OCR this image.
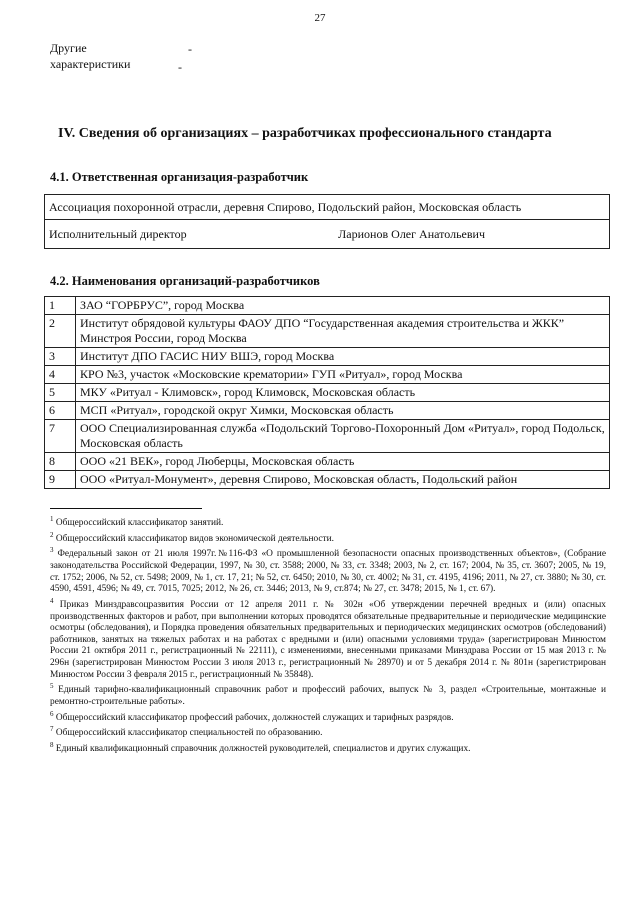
27
Другие
характеристики
-
-
IV. Сведения об организациях – разработчиках профессионального стандарта
4.1. Ответственная организация-разработчик
Ассоциация похоронной отрасли, деревня Спирово, Подольский район, Московская область

Исполнительный директор	Ларионов Олег Анатольевич
4.2. Наименования организаций-разработчиков
1	ЗАО “ГОРБРУС”, город Москва
2	Институт обрядовой культуры ФАОУ ДПО “Государственная академия строительства и ЖКК” Минстроя России, город Москва
3	Институт ДПО ГАСИС НИУ ВШЭ, город Москва
4	КРО №3, участок «Московские крематории» ГУП «Ритуал», город Москва
5	МКУ «Ритуал - Климовск», город Климовск, Московская область
6	МСП «Ритуал», городской округ Химки, Московская область
7	ООО Специализированная служба «Подольский Торгово-Похоронный Дом «Ритуал», город Подольск, Московская область
8	ООО «21 ВЕК», город Люберцы, Московская область
9	ООО «Ритуал-Монумент», деревня Спирово, Московская область, Подольский район

$^1$ Общероссийский классификатор занятий.

$^2$ Общероссийский классификатор видов экономической деятельности.

$^3$ Федеральный закон от 21 июля 1997г.№116-ФЗ «О промышленной безопасности опасных производственных объектов», (Собрание законодательства Российской Федерации, 1997, № 30, ст. 3588; 2000, № 33, ст. 3348; 2003, № 2, ст. 167; 2004, № 35, ст. 3607; 2005, № 19, ст. 1752; 2006, № 52, ст. 5498; 2009, № 1, ст. 17, 21; № 52, ст. 6450; 2010, № 30, ст. 4002; № 31, ст. 4195, 4196; 2011, № 27, ст. 3880; № 30, ст. 4590, 4591, 4596; № 49, ст. 7015, 7025; 2012, № 26, ст. 3446; 2013, № 9, ст.874; № 27, ст. 3478; 2015, № 1, ст. 67).

$^4$ Приказ Минздравсоцразвития России от 12 апреля 2011 г. № 302н «Об утверждении перечней вредных и (или) опасных производственных факторов и работ, при выполнении которых проводятся обязательные предварительные и периодические медицинские осмотры (обследования), и Порядка проведения обязательных предварительных и периодических медицинских осмотров (обследований) работников, занятых на тяжелых работах и на работах с вредными и (или) опасными условиями труда» (зарегистрирован Минюстом России 21 октября 2011 г., регистрационный № 22111), с изменениями, внесенными приказами Минздрава России от 15 мая 2013 г. № 296н (зарегистрирован Минюстом России 3 июля 2013 г., регистрационный № 28970) и от 5 декабря 2014 г. № 801н (зарегистрирован Минюстом России 3 февраля 2015 г., регистрационный № 35848).

$^5$ Единый тарифно-квалификационный справочник работ и профессий рабочих, выпуск № 3, раздел «Строительные, монтажные и ремонтно-строительные работы».

$^6$ Общероссийский классификатор профессий рабочих, должностей служащих и тарифных разрядов.

$^7$ Общероссийский классификатор специальностей по образованию.

$^8$ Единый квалификационный справочник должностей руководителей, специалистов и других служащих.
